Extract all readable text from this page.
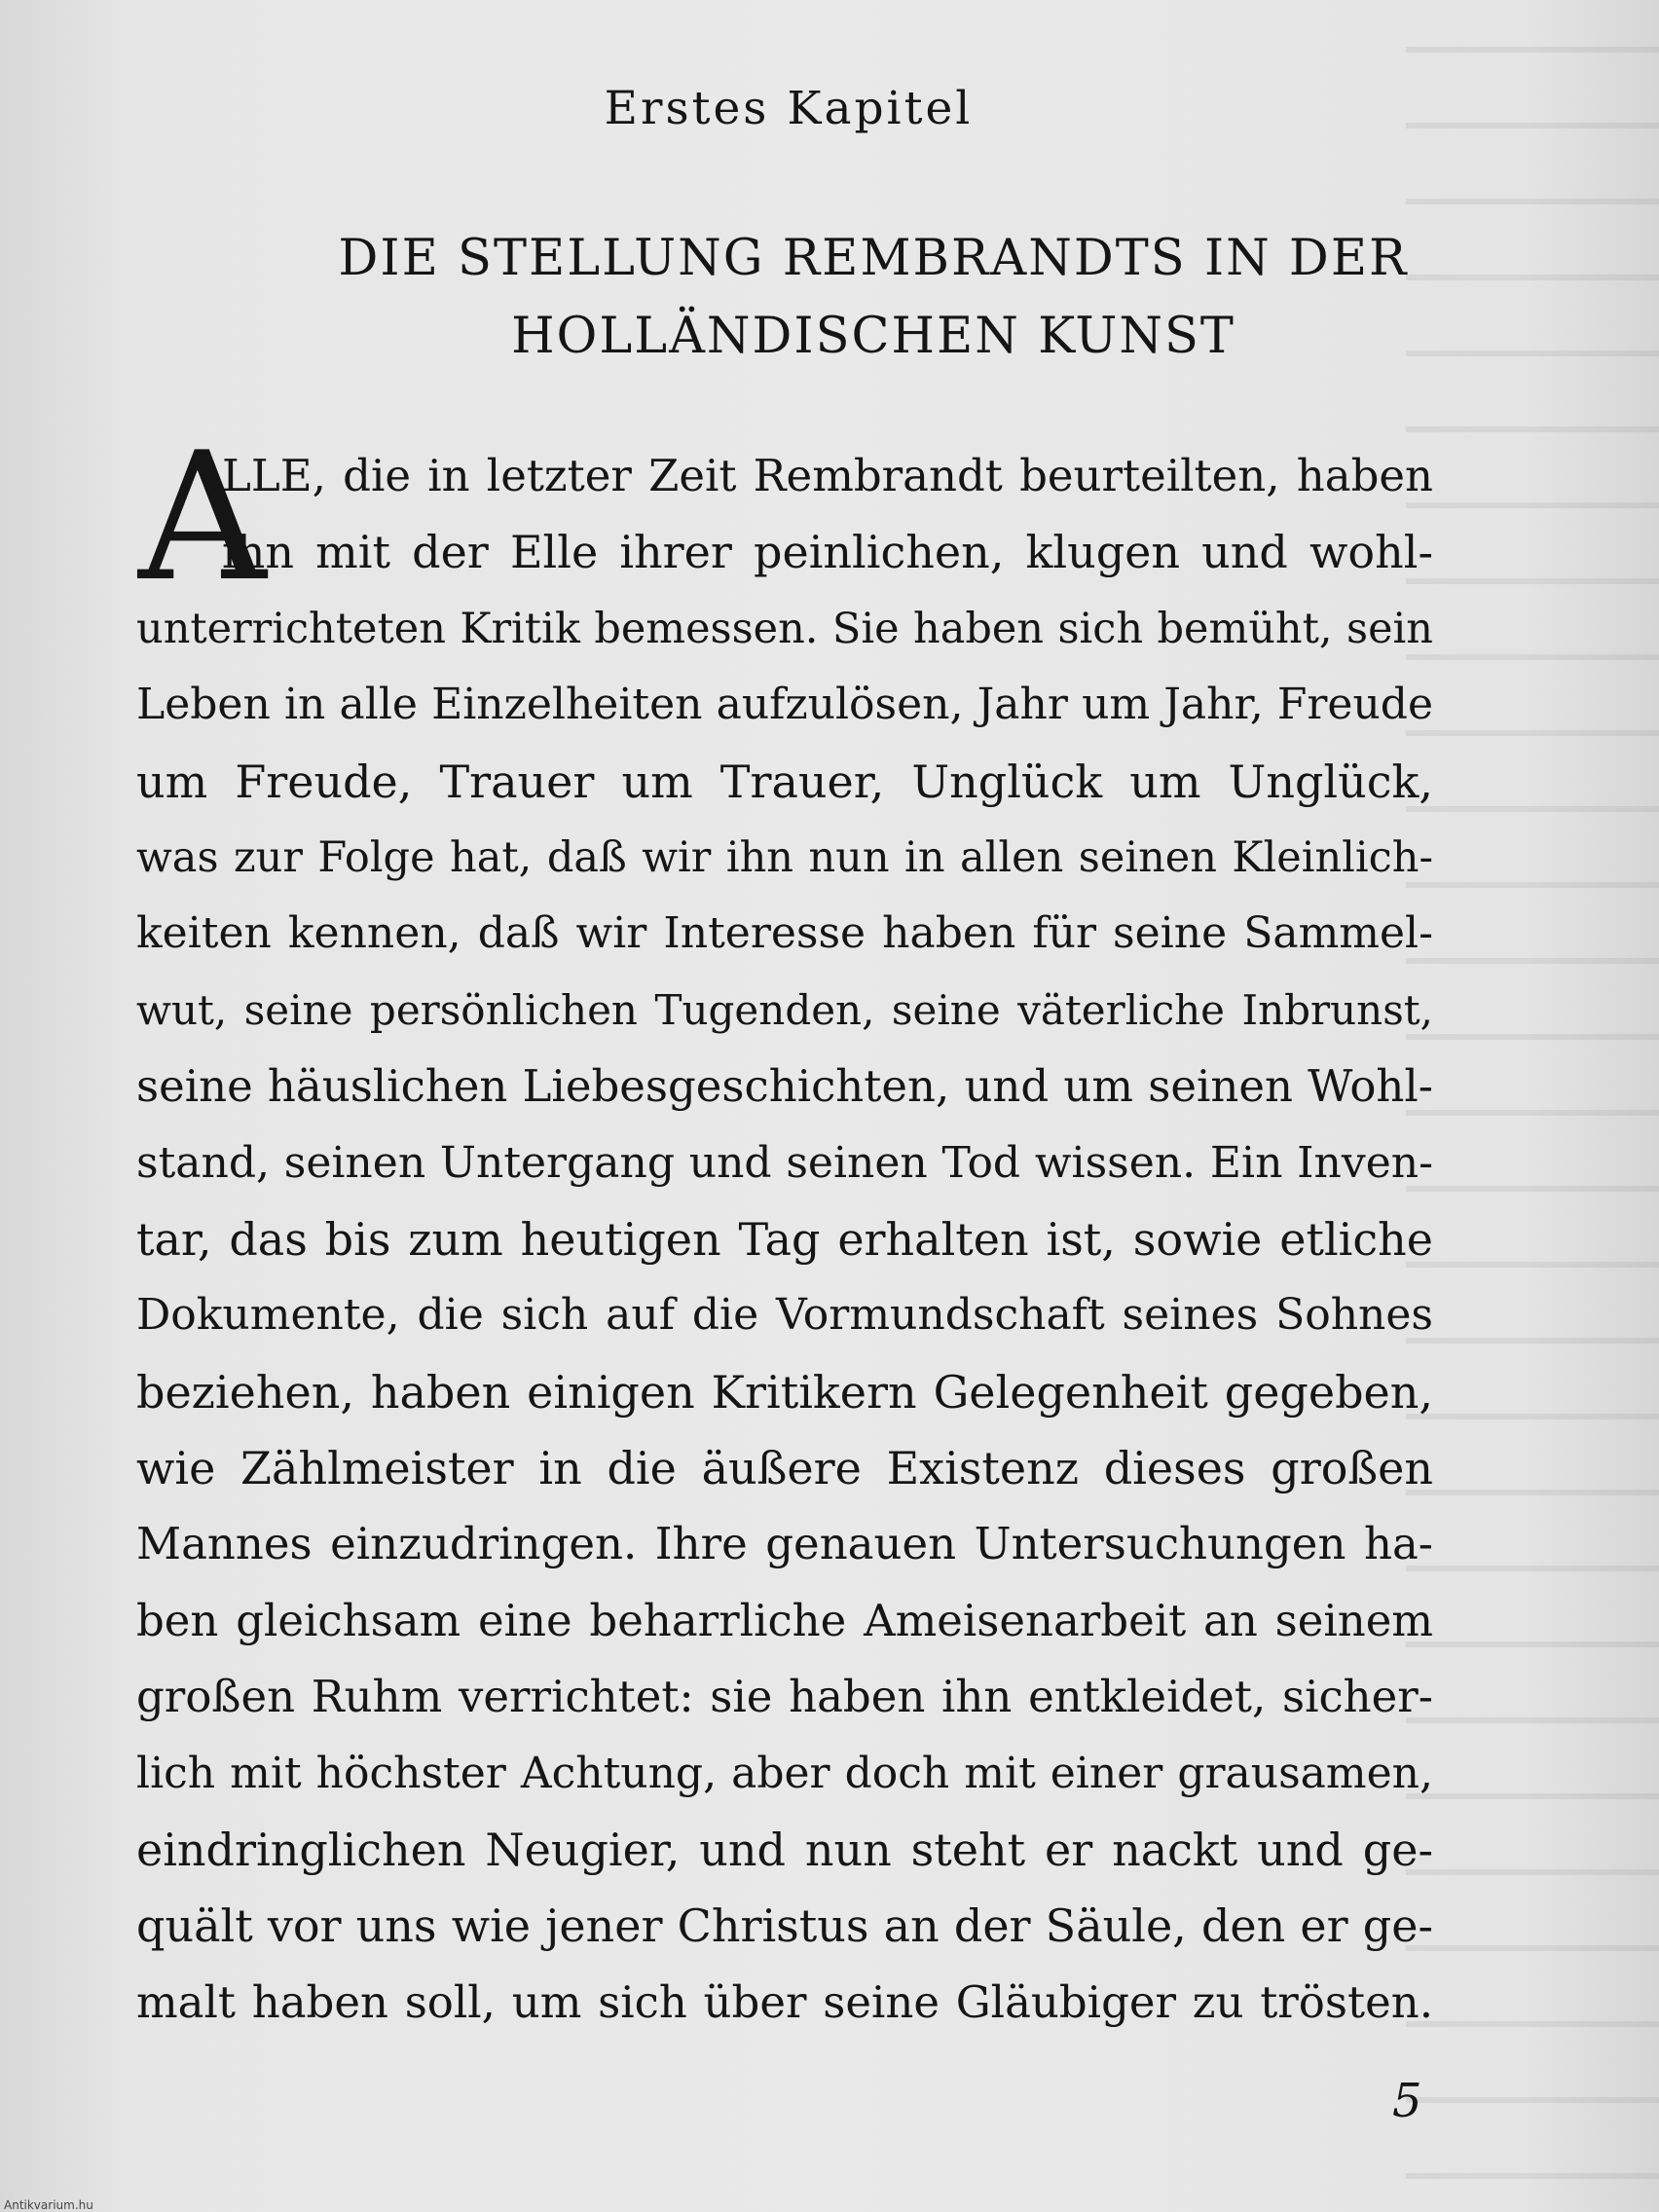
Erstes Kapitel
DIE STELLUNG REMBRANDTS IN DER
HOLLÄNDISCHEN KUNST
A
LLE, die in letzter Zeit Rembrandt beurteilten, haben
ihn mit der Elle ihrer peinlichen, klugen und wohl-
unterrichteten Kritik bemessen. Sie haben sich bemüht, sein
Leben in alle Einzelheiten aufzulösen, Jahr um Jahr, Freude
um Freude, Trauer um Trauer, Unglück um Unglück,
was zur Folge hat, daß wir ihn nun in allen seinen Kleinlich-
keiten kennen, daß wir Interesse haben für seine Sammel-
wut, seine persönlichen Tugenden, seine väterliche Inbrunst,
seine häuslichen Liebesgeschichten, und um seinen Wohl-
stand, seinen Untergang und seinen Tod wissen. Ein Inven-
tar, das bis zum heutigen Tag erhalten ist, sowie etliche
Dokumente, die sich auf die Vormundschaft seines Sohnes
beziehen, haben einigen Kritikern Gelegenheit gegeben,
wie Zählmeister in die äußere Existenz dieses großen
Mannes einzudringen. Ihre genauen Untersuchungen ha-
ben gleichsam eine beharrliche Ameisenarbeit an seinem
großen Ruhm verrichtet: sie haben ihn entkleidet, sicher-
lich mit höchster Achtung, aber doch mit einer grausamen,
eindringlichen Neugier, und nun steht er nackt und ge-
quält vor uns wie jener Christus an der Säule, den er ge-
malt haben soll, um sich über seine Gläubiger zu trösten.
5
Antikvarium.hu
